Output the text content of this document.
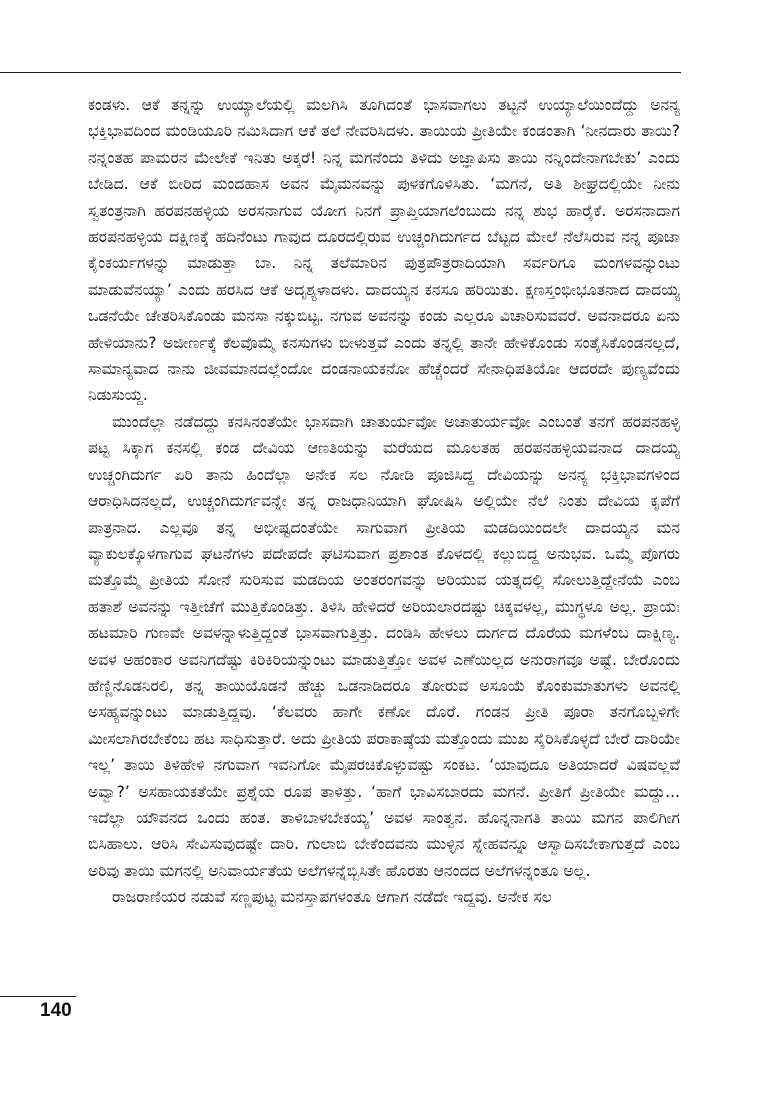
ಕಂಡಳು. ಆಕೆ ತನ್ನನ್ನು ಉಯ್ಯಾಲೆಯಲ್ಲಿ ಮಲಗಿಸಿ ತೂಗಿದಂತೆ ಭಾಸವಾಗಲು ತಟ್ಟನೆ ಉಯ್ಯಾಲೆಯಿಂದೆದ್ದು ಅನನ್ಯ ಭಕ್ತಿಭಾವದಿಂದ ಮಂಡಿಯೂರಿ ನಮಿಸಿದಾಗ ಆಕೆ ತಲೆ ನೇವರಿಸಿದಳು. ತಾಯಿಯ ಪ್ರೀತಿಯೇ ಕಂಡಂತಾಗಿ ‘ನೀನದಾರು ತಾಯಿ? ನನ್ನಂತಹ ಪಾಮರನ ಮೇಲೇಕೆ ಇನಿತು ಅಕ್ಕರೆ! ನಿನ್ನ ಮಗನೆಂದು ತಿಳಿದು ಅಜ್ಞಾಪಿಸು ತಾಯಿ ನನ್ನಿಂದೇನಾಗಬೇಕು’ ಎಂದು ಬೇಡಿದ. ಆಕೆ ಬೀರಿದ ಮಂದಹಾಸ ಅವನ ಮೈಮನವನ್ನು ಪುಳಕಗೊಳಿಸಿತು. ‘ಮಗನೆ, ಅತಿ ಶೀಘ್ರದಲ್ಲಿಯೇ ನೀನು ಸ್ವತಂತ್ರನಾಗಿ ಹರಪನಹಳ್ಳಿಯ ಅರಸನಾಗುವ ಯೋಗ ನಿನಗೆ ಪ್ರಾಪ್ತಿಯಾಗಲೆಂಬುದು ನನ್ನ ಶುಭ ಹಾರೈಕೆ. ಅರಸನಾದಾಗ ಹರಪನಹಳ್ಳಿಯ ದಕ್ಷಿಣಕ್ಕೆ ಹದಿನೆಂಟು ಗಾವುದ ದೂರದಲ್ಲಿರುವ ಉಚ್ಚಂಗಿದುರ್ಗದ ಬೆಟ್ಟದ ಮೇಲೆ ನೆಲೆಸಿರುವ ನನ್ನ ಪೂಜಾ ಕೈಂಕರ್ಯಗಳನ್ನು ಮಾಡುತ್ತಾ ಬಾ. ನಿನ್ನ ತಲೆಮಾರಿನ ಪುತ್ರಪೌತ್ರರಾದಿಯಾಗಿ ಸರ್ವರಿಗೂ ಮಂಗಳವನ್ನುಂಟು ಮಾಡುವೆನಯ್ಯಾ’ ಎಂದು ಹರಸಿದ ಆಕೆ ಅದೃಶ್ಯಳಾದಳು. ದಾದಯ್ಯನ ಕನಸೂ ಹರಿಯಿತು. ಕ್ಷಣಸ್ತಂಭೀಭೂತನಾದ ದಾದಯ್ಯ ಒಡನೆಯೇ ಚೇತರಿಸಿಕೊಂಡು ಮನಸಾ ನಕ್ಕುಬಿಟ್ಟ. ನಗುವ ಅವನನ್ನು ಕಂಡು ಎಲ್ಲರೂ ವಿಚಾರಿಸುವವರೆ. ಅವನಾದರೂ ಏನು ಹೇಳಿಯಾನು? ಅಜೀರ್ಣಕ್ಕೆ ಕೆಲವೊಮ್ಮೆ ಕನಸುಗಳು ಬೀಳುತ್ತವೆ ಎಂದು ತನ್ನಲ್ಲಿ ತಾನೇ ಹೇಳಿಕೊಂಡು ಸಂತೈಸಿಕೊಂಡನಲ್ಲದೆ, ಸಾಮಾನ್ಯವಾದ ನಾನು ಜೀವಮಾನದಲ್ಲೆಂದೋ ದಂಡನಾಯಕನೋ ಹೆಚ್ಚೆಂದರೆ ಸೇನಾಧಿಪತಿಯೋ ಆದರದೇ ಪುಣ್ಯವೆಂದು ನಿಡುಸುಯ್ದ.

ಮುಂದೆಲ್ಲಾ ನಡೆದದ್ದು ಕನಸಿನಂತೆಯೇ ಭಾಸವಾಗಿ ಚಾತುರ್ಯವೋ ಅಚಾತುರ್ಯವೋ ಎಂಬಂತೆ ತನಗೆ ಹರಪನಹಳ್ಳಿ ಪಟ್ಟ ಸಿಕ್ಕಾಗ ಕನಸಲ್ಲಿ ಕಂಡ ದೇವಿಯ ಆಣತಿಯನ್ನು ಮರೆಯದ ಮೂಲತಹ ಹರಪನಹಳ್ಳಿಯವನಾದ ದಾದಯ್ಯ ಉಚ್ಚಂಗಿದುರ್ಗ ಏರಿ ತಾನು ಹಿಂದೆಲ್ಲಾ ಅನೇಕ ಸಲ ನೋಡಿ ಪೂಜಿಸಿದ್ದ ದೇವಿಯನ್ನು ಅನನ್ಯ ಭಕ್ತಿಭಾವಗಳಿಂದ ಆರಾಧಿಸಿದನಲ್ಲದೆ, ಉಚ್ಚಂಗಿದುರ್ಗವನ್ನೇ ತನ್ನ ರಾಜಧಾನಿಯಾಗಿ ಘೋಷಿಸಿ ಅಲ್ಲಿಯೇ ನೆಲೆ ನಿಂತು ದೇವಿಯ ಕೃಪೆಗೆ ಪಾತ್ರನಾದ. ಎಲ್ಲವೂ ತನ್ನ ಅಭೀಷ್ಟದಂತೆಯೇ ಸಾಗುವಾಗ ಪ್ರೀತಿಯ ಮಡದಿಯಿಂದಲೇ ದಾದಯ್ಯನ ಮನ ವ್ಯಾಕುಲಕ್ಕೊಳಗಾಗುವ ಘಟನೆಗಳು ಪದೇಪದೇ ಘಟಿಸುವಾಗ ಪ್ರಶಾಂತ ಕೊಳದಲ್ಲಿ ಕಲ್ಲುಬಿದ್ದ ಅನುಭವ. ಒಮ್ಮೆ ಪೊಗರು ಮತ್ತೊಮ್ಮೆ ಪ್ರೀತಿಯ ಸೋನೆ ಸುರಿಸುವ ಮಡದಿಯ ಅಂತರಂಗವನ್ನು ಅರಿಯುವ ಯತ್ನದಲ್ಲಿ ಸೋಲುತ್ತಿದ್ದೇನೆಯೆ ಎಂಬ ಹತಾಶೆ ಅವನನ್ನು ಇತ್ತೀಚೆಗೆ ಮುತ್ತಿಕೊಂಡಿತ್ತು. ತಿಳಿಸಿ ಹೇಳಿದರೆ ಅರಿಯಲಾರದಷ್ಟು ಚಿಕ್ಕವಳಲ್ಲ, ಮುಗ್ಧಳೂ ಅಲ್ಲ. ಪ್ರಾಯಃ ಹಟಮಾರಿ ಗುಣವೇ ಅವಳನ್ನಾಳುತ್ತಿದ್ದಂತೆ ಭಾಸವಾಗುತ್ತಿತ್ತು. ದಂಡಿಸಿ ಹೇಳಲು ದುರ್ಗದ ದೊರೆಯ ಮಗಳೆಂಬ ದಾಕ್ಷಿಣ್ಯ. ಅವಳ ಅಹಂಕಾರ ಅವನಿಗದೆಷ್ಟು ಕಿರಿಕಿರಿಯನ್ನುಂಟು ಮಾಡುತ್ತಿತ್ತೋ ಅವಳ ಎಣೆಯಿಲ್ಲದ ಅನುರಾಗವೂ ಅಷ್ಟೆ. ಬೇರೊಂದು ಹೆಣ್ಣಿನೊಡನಿರಲಿ, ತನ್ನ ತಾಯಿಯೊಡನೆ ಹೆಚ್ಚು ಒಡನಾಡಿದರೂ ತೋರುವ ಅಸೂಯೆ ಕೊಂಕುಮಾತುಗಳು ಅವನಲ್ಲಿ ಅಸಹ್ಯವನ್ನುಂಟು ಮಾಡುತ್ತಿದ್ದವು. ‘ಕೆಲವರು ಹಾಗೇ ಕಣೋ ದೊರೆ. ಗಂಡನ ಪ್ರೀತಿ ಪೂರಾ ತನಗೊಬ್ಬಳಿಗೇ ಮೀಸಲಾಗಿರಬೇಕೆಂಬ ಹಟ ಸಾಧಿಸುತ್ತಾರೆ. ಅದು ಪ್ರೀತಿಯ ಪರಾಕಾಷ್ಠೆಯ ಮತ್ತೊಂದು ಮುಖ ಸೈರಿಸಿಕೊಳ್ಳದೆ ಬೇರೆ ದಾರಿಯೇ ಇಲ್ಲ’ ತಾಯಿ ತಿಳಿಹೇಳಿ ನಗುವಾಗ ಇವನಿಗೋ ಮೈಪರಚಿಕೊಳ್ಳುವಷ್ಟು ಸಂಕಟ. ‘ಯಾವುದೂ ಅತಿಯಾದರೆ ವಿಷವಲ್ಲವೆ ಅವ್ವಾ?’ ಅಸಹಾಯಕತೆಯೇ ಪ್ರಶ್ನೆಯ ರೂಪ ತಾಳಿತ್ತು. ‘ಹಾಗೆ ಭಾವಿಸಬಾರದು ಮಗನೆ. ಪ್ರೀತಿಗೆ ಪ್ರೀತಿಯೇ ಮದ್ದು... ಇದೆಲ್ಲಾ ಯೌವನದ ಒಂದು ಹಂತ. ತಾಳಿಬಾಳಬೇಕಯ್ಯ’ ಅವಳ ಸಾಂತ್ವನ. ಹೊನ್ನನಾಗತಿ ತಾಯಿ ಮಗನ ಪಾಲಿಗೀಗ ಬಿಸಿಹಾಲು. ಆರಿಸಿ ಸೇವಿಸುವುದಷ್ಟೇ ದಾರಿ. ಗುಲಾಬಿ ಬೇಕೆಂದವನು ಮುಳ್ಳಿನ ಸ್ನೇಹವನ್ನೂ ಆಸ್ವಾದಿಸಬೇಕಾಗುತ್ತದೆ ಎಂಬ ಅರಿವು ತಾಯಿ ಮಗನಲ್ಲಿ ಅನಿವಾರ್ಯತೆಯ ಅಲೆಗಳನ್ನೆಬ್ಬಿಸಿತೇ ಹೊರತು ಆನಂದದ ಅಲೆಗಳನ್ನಂತೂ ಅಲ್ಲ.

ರಾಜರಾಣಿಯರ ನಡುವೆ ಸಣ್ಣಪುಟ್ಟ ಮನಸ್ತಾಪಗಳಂತೂ ಆಗಾಗ ನಡೆದೇ ಇದ್ದವು. ಅನೇಕ ಸಲ

140
